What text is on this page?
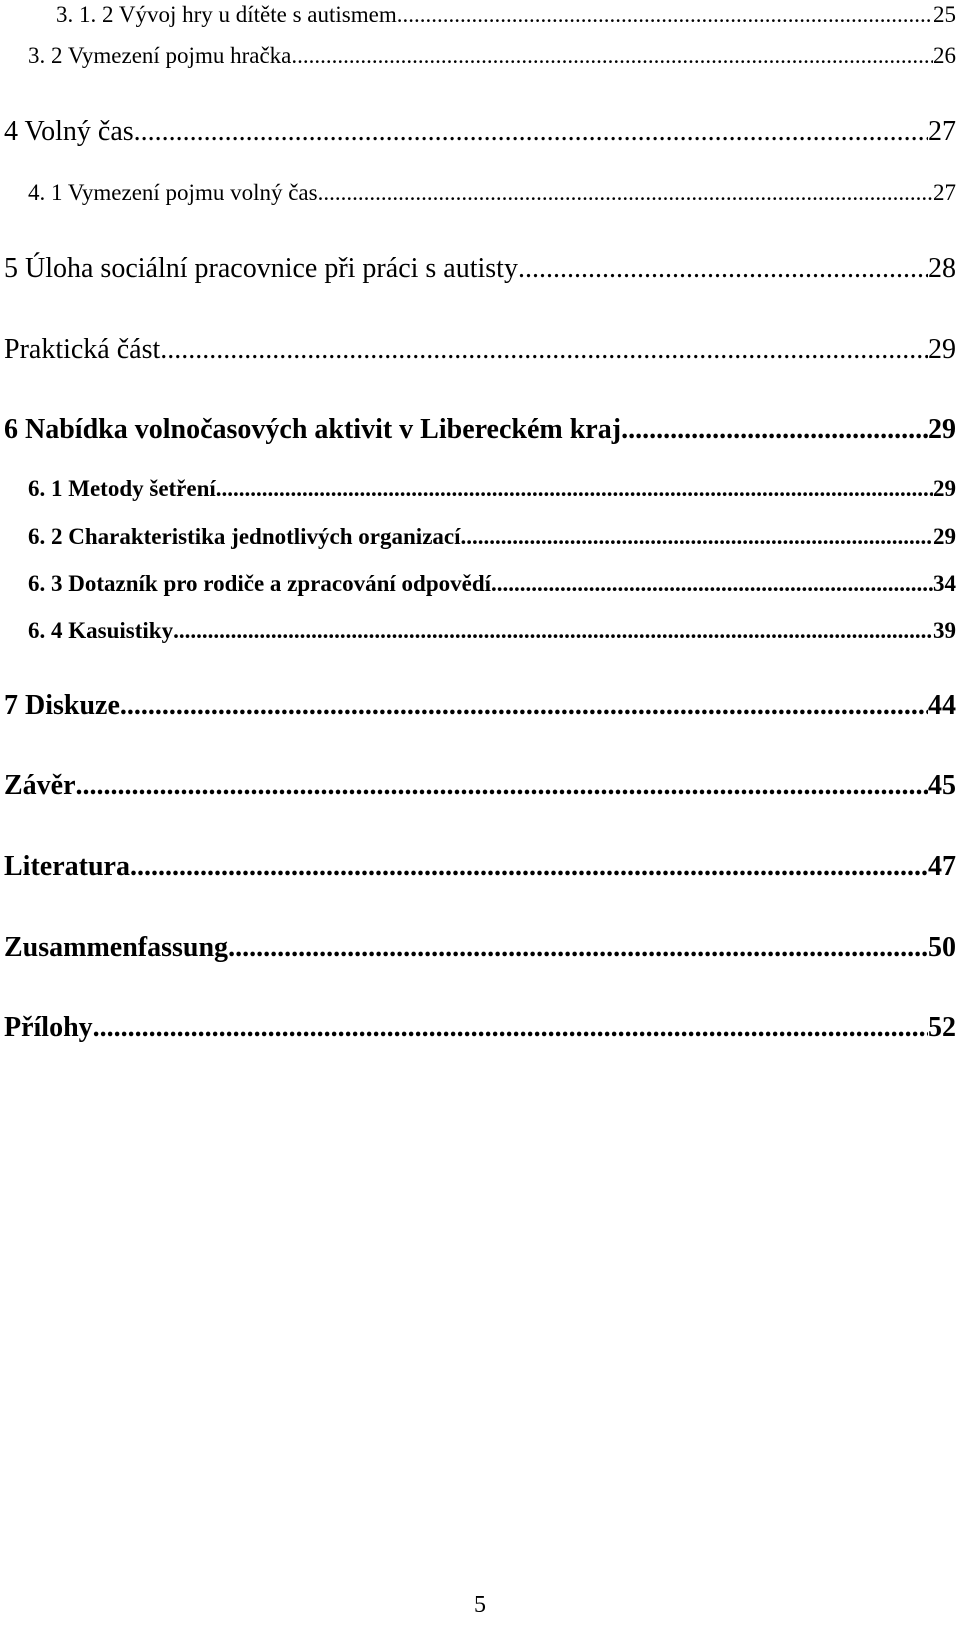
3. 1. 2 Vývoj hry u dítěte s autismem .....	25
3. 2 Vymezení pojmu hračka .....	26
4 Volný čas .....	27
4. 1 Vymezení pojmu volný čas .....	27
5 Úloha sociální pracovnice při práci s autisty .....	28
Praktická část .....	29
6 Nabídka volnočasových aktivit v Libereckém kraj .....	29
6. 1 Metody šetření .....	29
6. 2 Charakteristika jednotlivých organizací .....	29
6. 3 Dotazník pro rodiče a zpracování odpovědí .....	34
6. 4 Kasuistiky .....	39
7 Diskuze .....	44
Závěr .....	45
Literatura .....	47
Zusammenfassung .....	50
Přílohy .....	52
5
